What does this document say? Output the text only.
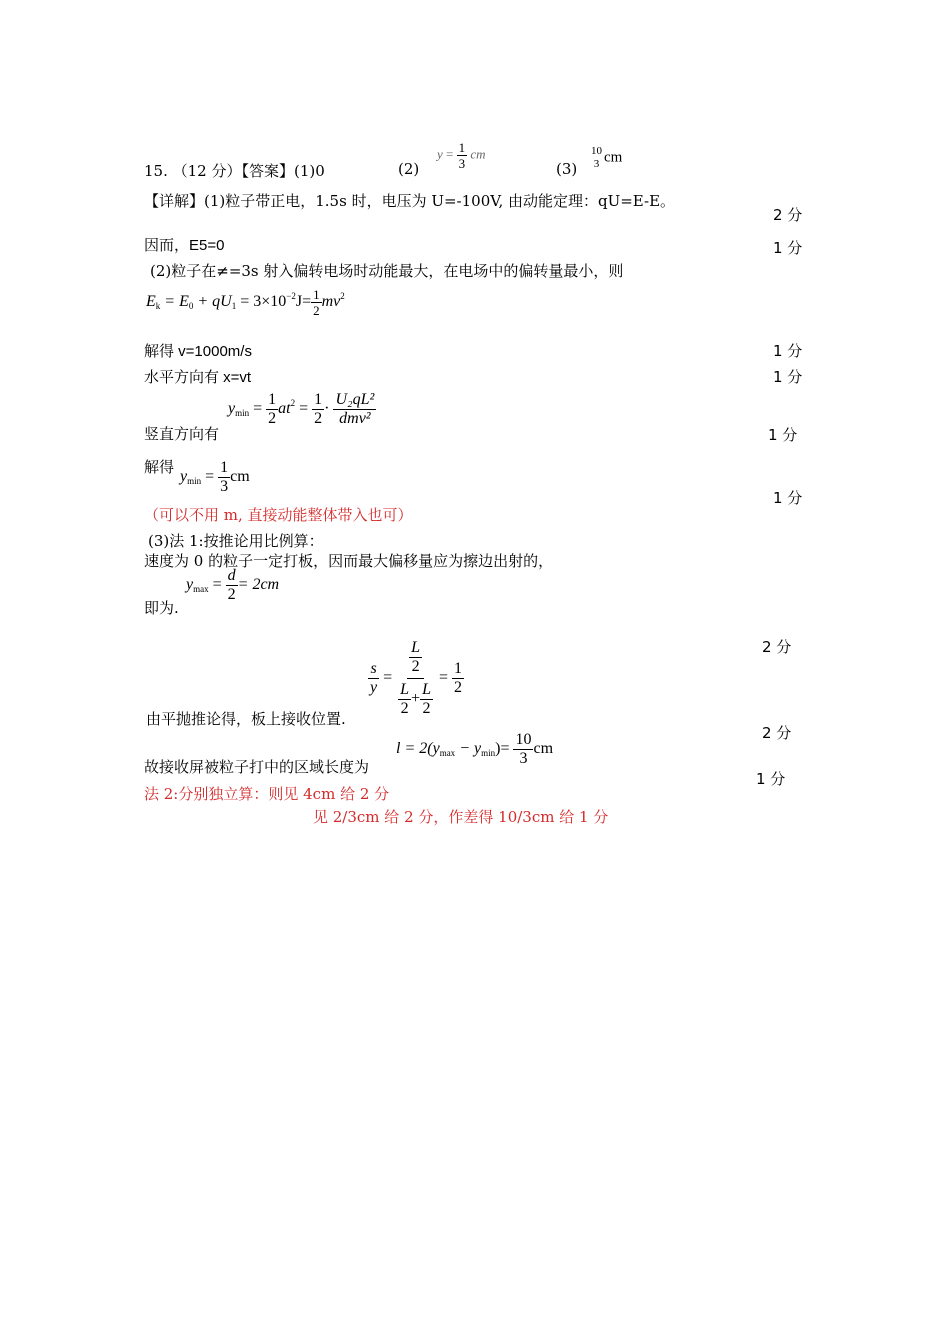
15. （12 分）【答案】(1)0	(2)
$y = \frac{1}{3}$ cm
(3)
10
3 cm
【详解】(1)粒子带正电，1.5s 时，电压为 U=-100V, 由动能定理：qU=E-E。
2 分
因而，E5=0	1 分
(2)粒子在≠=3s 射入偏转电场时动能最大，在电场中的偏转量最小，则
$E_k = E_0 + qU_1 = 3\times 10^{-2}J= \frac{1}{2} mv^2$
解得 v=1000m/s	1 分
水平方向有 x=vt	1 分
竖直方向有
$y_{min} = \frac{1}{2} at^2 = \frac{1}{2} \cdot \frac{\text{U₂qL²}}{\text{dmv²}}$
1 分
解得
$y_{min} = \frac{1}{3}$ cm
1 分
（可以不用 m, 直接动能整体带入也可）
(3)法 1:按推论用比例算：
速度为 0 的粒子一定打板，因而最大偏移量应为擦边出射的，
即为.
$y_{max} = \frac{d}{2} = 2cm$
2 分
$\frac{s}{y} = \frac{\frac{L}{2}}{\frac{L}{2} + \frac{L}{2}} = \frac{1}{2}$
由平抛推论得，板上接收位置.
2 分
故接收屏被粒子打中的区域长度为
$l = 2(y_{max} - y_{min})= \frac{10}{3}$ cm
1 分
法 2:分别独立算：则见 4cm 给 2 分
见 2/3cm 给 2 分，作差得 10/3cm 给 1 分
